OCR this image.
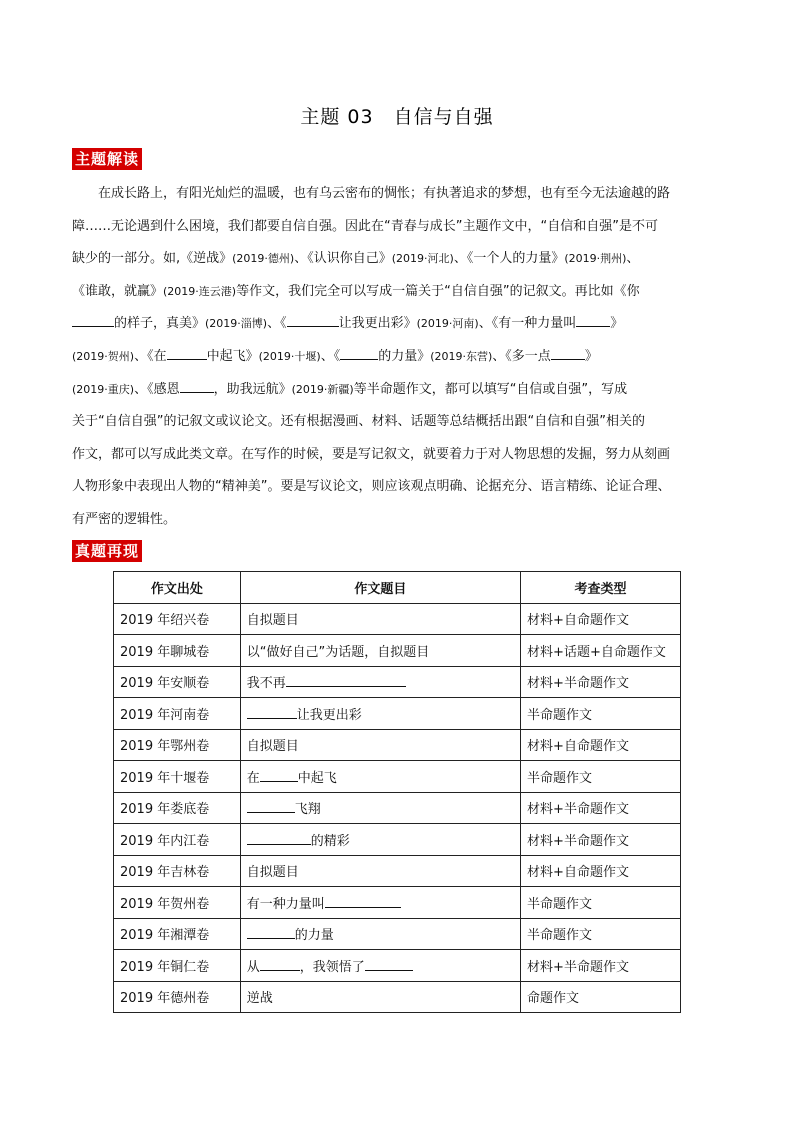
主题 03　自信与自强
主题解读
在成长路上，有阳光灿烂的温暖，也有乌云密布的惆怅；有执著追求的梦想，也有至今无法逾越的路
障……无论遇到什么困境，我们都要自信自强。因此在“青春与成长”主题作文中，“自信和自强”是不可
缺少的一部分。如,《逆战》(2019·德州)、《认识你自己》(2019·河北)、《一个人的力量》(2019·荆州)、
《谁敢，就赢》(2019·连云港)等作文，我们完全可以写成一篇关于“自信自强”的记叙文。再比如《你
的样子，真美》(2019·淄博)、《	让我更出彩》(2019·河南)、《有一种力量叫	》
(2019·贺州)、《在	中起飞》(2019·十堰)、《	的力量》(2019·东营)、《多一点	》
(2019·重庆)、《感恩	，助我远航》(2019·新疆)等半命题作文，都可以填写“自信或自强”，写成
关于“自信自强”的记叙文或议论文。还有根据漫画、材料、话题等总结概括出跟“自信和自强”相关的
作文，都可以写成此类文章。在写作的时候，要是写记叙文，就要着力于对人物思想的发掘，努力从刻画
人物形象中表现出人物的“精神美”。要是写议论文，则应该观点明确、论据充分、语言精练、论证合理、
有严密的逻辑性。
真题再现
作文出处	作文题目	考查类型
2019 年绍兴卷	自拟题目	材料+自命题作文
2019 年聊城卷	以“做好自己”为话题，自拟题目	材料+话题+自命题作文
2019 年安顺卷	我不再	材料+半命题作文
2019 年河南卷	让我更出彩	半命题作文
2019 年鄂州卷	自拟题目	材料+自命题作文
2019 年十堰卷	在 中起飞	半命题作文
2019 年娄底卷	飞翔	材料+半命题作文
2019 年内江卷	的精彩	材料+半命题作文
2019 年吉林卷	自拟题目	材料+自命题作文
2019 年贺州卷	有一种力量叫	半命题作文
2019 年湘潭卷	的力量	半命题作文
2019 年铜仁卷	从 ，我领悟了	材料+半命题作文
2019 年德州卷	逆战	命题作文
